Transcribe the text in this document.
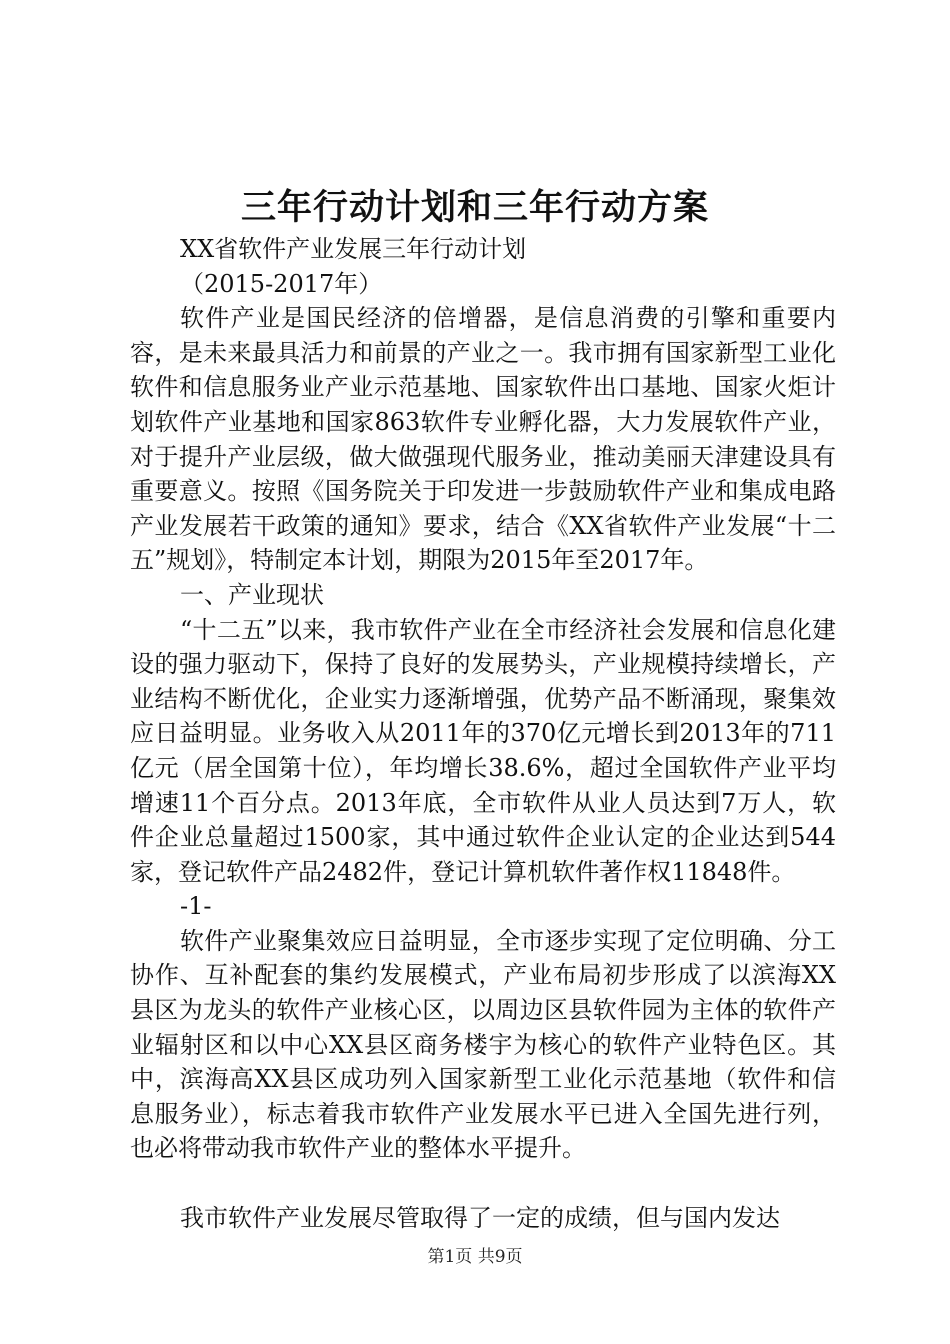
三年行动计划和三年行动方案

XX省软件产业发展三年行动计划

（2015-2017年）

软件产业是国民经济的倍增器，是信息消费的引擎和重要内容，是未来最具活力和前景的产业之一。我市拥有国家新型工业化软件和信息服务业产业示范基地、国家软件出口基地、国家火炬计划软件产业基地和国家863软件专业孵化器，大力发展软件产业，对于提升产业层级，做大做强现代服务业，推动美丽天津建设具有重要意义。按照《国务院关于印发进一步鼓励软件产业和集成电路产业发展若干政策的通知》要求，结合《XX省软件产业发展“十二五”规划》，特制定本计划，期限为2015年至2017年。

一、产业现状

“十二五”以来，我市软件产业在全市经济社会发展和信息化建设的强力驱动下，保持了良好的发展势头，产业规模持续增长，产业结构不断优化，企业实力逐渐增强，优势产品不断涌现，聚集效应日益明显。业务收入从2011年的370亿元增长到2013年的711亿元（居全国第十位），年均增长38.6%，超过全国软件产业平均增速11个百分点。2013年底，全市软件从业人员达到7万人，软件企业总量超过1500家，其中通过软件企业认定的企业达到544家，登记软件产品2482件，登记计算机软件著作权11848件。

-1-

软件产业聚集效应日益明显，全市逐步实现了定位明确、分工协作、互补配套的集约发展模式，产业布局初步形成了以滨海XX县区为龙头的软件产业核心区，以周边区县软件园为主体的软件产业辐射区和以中心XX县区商务楼宇为核心的软件产业特色区。其中，滨海高XX县区成功列入国家新型工业化示范基地（软件和信息服务业），标志着我市软件产业发展水平已进入全国先进行列，也必将带动我市软件产业的整体水平提升。

我市软件产业发展尽管取得了一定的成绩，但与国内发达

第1页 共9页
